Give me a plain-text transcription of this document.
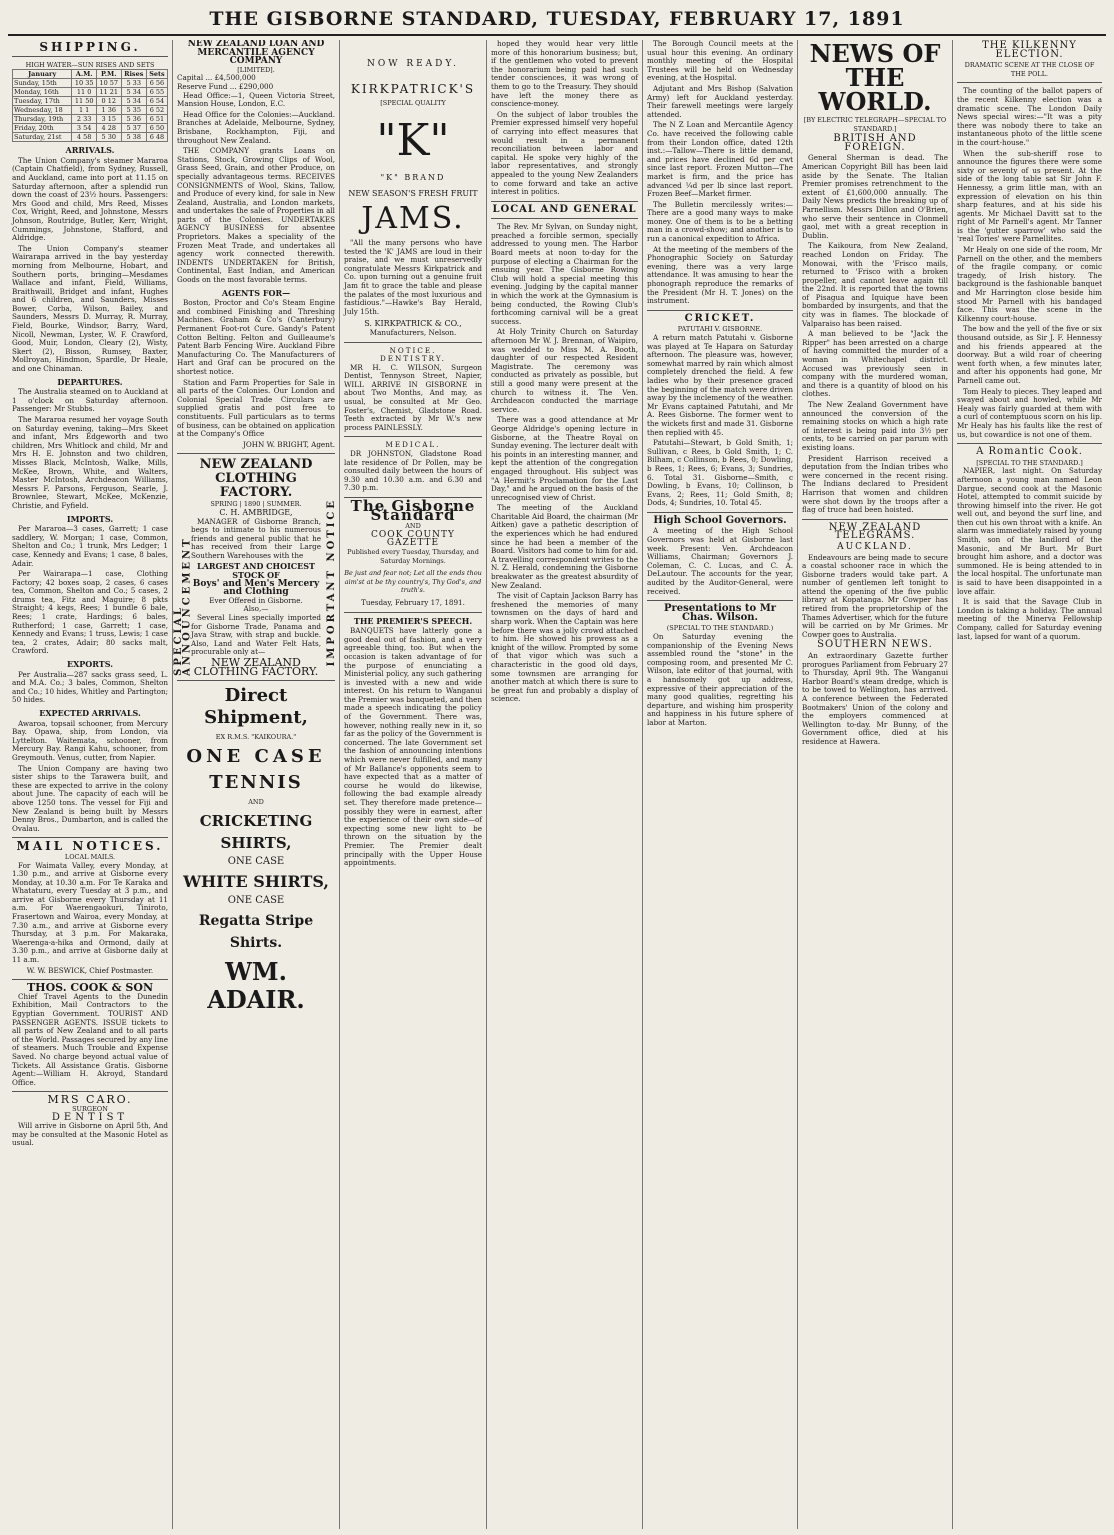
THE GISBORNE STANDARD, TUESDAY, FEBRUARY 17, 1891
SHIPPING.
HIGH WATER—SUN RISES AND SETS
January	A.M.	P.M.	Rises	Sets
Sunday, 15th	10 35	10 57	5 33	6 56
Monday, 16th	11 0	11 21	5 34	6 55
Tuesday, 17th	11 50	0 12	5 34	6 54
Wednesday, 18	1 1	1 36	5 35	6 52
Thursday, 19th	2 33	3 15	5 36	6 51
Friday, 20th	3 54	4 28	5 37	6 50
Saturday, 21st	4 58	5 30	5 38	6 48
ARRIVALS.

The Union Company's steamer Mararoa (Captain Chatfield), from Sydney, Russell, and Auckland, came into port at 11.15 on Saturday afternoon, after a splendid run down the coast of 23½ hours. Passengers: Mrs Good and child, Mrs Reed, Misses Cox, Wright, Reed, and Johnstone, Messrs Johnson, Routridge, Butler, Kerr, Wright, Cummings, Johnstone, Stafford, and Aldridge.

The Union Company's steamer Wairarapa arrived in the bay yesterday morning from Melbourne, Hobart, and Southern ports, bringing—Mesdames Wallace and infant, Field, Williams, Braithwaill, Bridget and infant, Hughes and 6 children, and Saunders, Misses Bower, Corba, Wilson, Bailey, and Saunders, Messrs D. Murray, R. Murray, Field, Bourke, Windsor, Barry, Ward, Nicoll, Newman, Lyster, W. F. Crawford, Good, Muir, London, Cleary (2), Wisty, Skert (2), Bisson, Rumsey, Baxter, Mollroyan, Hindmon, Spardle, Dr Heale, and one Chinaman.

DEPARTURES.

The Australia steamed on to Auckland at 1 o'clock on Saturday afternoon. Passenger: Mr Stubbs.

The Mararoa resumed her voyage South on Saturday evening, taking—Mrs Skeet and infant, Mrs Edgeworth and two children, Mrs Whitlock and child, Mr and Mrs H. E. Johnston and two children, Misses Black, McIntosh, Walke, Mills, McKee, Brown, White, and Walters, Master McIntosh, Archdeacon Williams, Messrs F. Parsons, Ferguson, Searle, J. Brownlee, Stewart, McKee, McKenzie, Christie, and Fyfield.

IMPORTS.

Per Mararoa—3 cases, Garrett; 1 case saddlery, W. Morgan; 1 case, Common, Shelton and Co.; 1 trunk, Mrs Ledger; 1 case, Kennedy and Evans; 1 case, 8 bales, Adair.

Per Wairarapa—1 case, Clothing Factory; 42 boxes soap, 2 cases, 6 cases tea, Common, Shelton and Co.; 5 cases, 2 drums tea, Fitz and Maguire; 8 pkts Straight; 4 kegs, Rees; 1 bundle 6 bale, Rees; 1 crate, Hardings; 6 bales, Rutherford; 1 case, Garrett; 1 case, Kennedy and Evans; 1 truss, Lewis; 1 case tea, 2 crates, Adair; 80 sacks malt, Crawford.

EXPORTS.

Per Australia—287 sacks grass seed, L. and M.A. Co.; 3 bales, Common, Shelton and Co.; 10 hides, Whitley and Partington; 50 hides.

EXPECTED ARRIVALS.

Awaroa, topsail schooner, from Mercury Bay. Opawa, ship, from London, via Lyttelton. Waitemata, schooner, from Mercury Bay. Rangi Kahu, schooner, from Greymouth. Venus, cutter, from Napier.

The Union Company are having two sister ships to the Tarawera built, and these are expected to arrive in the colony about June. The capacity of each will be above 1250 tons. The vessel for Fiji and New Zealand is being built by Messrs Denny Bros., Dumbarton, and is called the Ovalau.

MAIL NOTICES.
LOCAL MAILS.

For Waimata Valley, every Monday, at 1.30 p.m., and arrive at Gisborne every Monday, at 10.30 a.m. For Te Karaka and Whataturu, every Tuesday at 3 p.m., and arrive at Gisborne every Thursday at 11 a.m. For Waerengaokuri, Tiniroto, Frasertown and Wairoa, every Monday, at 7.30 a.m., and arrive at Gisborne every Thursday, at 3 p.m. For Makaraka, Waerenga-a-hika and Ormond, daily at 3.30 p.m., and arrive at Gisborne daily at 11 a.m.

W. W. BESWICK, Chief Postmaster.
THOS. COOK & SON

Chief Travel Agents to the Dunedin Exhibition, Mail Contractors to the Egyptian Government. TOURIST AND PASSENGER AGENTS. ISSUE tickets to all parts of New Zealand and to all parts of the World. Passages secured by any line of steamers. Much Trouble and Expense Saved. No charge beyond actual value of Tickets. All Assistance Gratis. Gisborne Agent:—William H. Akroyd, Standard Office.

MRS CARO.
SURGEON
DENTIST

Will arrive in Gisborne on April 5th, And may be consulted at the Masonic Hotel as usual.

NEW ZEALAND LOAN AND MERCANTILE AGENCY COMPANY
[LIMITED].
Capital ... £4,500,000
Reserve Fund ... £290,000

Head Office:—1, Queen Victoria Street, Mansion House, London, E.C.

Head Office for the Colonies:—Auckland. Branches at Adelaide, Melbourne, Sydney, Brisbane, Rockhampton, Fiji, and throughout New Zealand.

THE COMPANY grants Loans on Stations, Stock, Growing Clips of Wool, Grass Seed, Grain, and other Produce, on specially advantageous terms. RECEIVES CONSIGNMENTS of Wool, Skins, Tallow, and Produce of every kind, for sale in New Zealand, Australia, and London markets, and undertakes the sale of Properties in all parts of the Colonies. UNDERTAKES AGENCY BUSINESS for absentee Proprietors. Makes a speciality of the Frozen Meat Trade, and undertakes all agency work connected therewith. INDENTS UNDERTAKEN for British, Continental, East Indian, and American Goods on the most favorable terms.

AGENTS FOR—

Boston, Proctor and Co's Steam Engine and combined Finishing and Threshing Machines. Graham & Co's (Canterbury) Permanent Foot-rot Cure. Gandy's Patent Cotton Belting. Felton and Guilleaume's Patent Barb Fencing Wire. Auckland Fibre Manufacturing Co. The Manufacturers of Hart and Graf can be procured on the shortest notice.

Station and Farm Properties for Sale in all parts of the Colonies. Our London and Colonial Special Trade Circulars are supplied gratis and post free to constituents. Full particulars as to terms of business, can be obtained on application at the Company's Office

JOHN W. BRIGHT, Agent.
SPECIAL ANNOUNCEMENT	IMPORTANT NOTICE
NEW ZEALAND CLOTHING FACTORY.
SPRING | 1890 | SUMMER.
C. H. AMBRIDGE,

MANAGER of Gisborne Branch, begs to intimate to his numerous friends and general public that he has received from their Large Southern Warehouses with the

LARGEST AND CHOICEST STOCK OF
Boys' and Men's Mercery and Clothing
Ever Offered in Gisborne.
Also,—

Several Lines specially imported for Gisborne Trade, Panama and Java Straw, with strap and buckle. Also, Land and Water Felt Hats, procurable only at—

NEW ZEALAND CLOTHING FACTORY.
Direct Shipment,
EX R.M.S. "KAIKOURA."
ONE CASE
TENNIS
AND
CRICKETING SHIRTS,
ONE CASE
WHITE SHIRTS,
ONE CASE
Regatta Stripe Shirts.
WM. ADAIR.
NOW READY.
KIRKPATRICK'S
[SPECIAL QUALITY
"K"
"K" BRAND
NEW SEASON'S FRESH FRUIT
JAMS.

"All the many persons who have tested the 'K' JAMS are loud in their praise, and we must unreservedly congratulate Messrs Kirkpatrick and Co. upon turning out a genuine fruit Jam fit to grace the table and please the palates of the most luxurious and fastidious."—Hawke's Bay Herald, July 15th.

S. KIRKPATRICK & CO.,
Manufacturers, Nelson.
NOTICE.
DENTISTRY.

MR H. C. WILSON, Surgeon Dentist, Tennyson Street, Napier, WILL ARRIVE IN GISBORNE in about Two Months, And may, as usual, be consulted at Mr Geo. Foster's, Chemist, Gladstone Road. Teeth extracted by Mr W.'s new process PAINLESSLY.

MEDICAL.

DR JOHNSTON, Gladstone Road late residence of Dr Pollen, may be consulted daily between the hours of 9.30 and 10.30 a.m. and 6.30 and 7.30 p.m.

The Gisborne Standard
AND
COOK COUNTY GAZETTE
Published every Tuesday, Thursday, and Saturday Mornings.
Be just and fear not; Let all the ends thou aim'st at be thy country's, Thy God's, and truth's.
Tuesday, February 17, 1891.
THE PREMIER'S SPEECH.

BANQUETS have latterly gone a good deal out of fashion, and a very agreeable thing, too. But when the occasion is taken advantage of for the purpose of enunciating a Ministerial policy, any such gathering is invested with a new and wide interest. On his return to Wanganui the Premier was banqueted, and then made a speech indicating the policy of the Government. There was, however, nothing really new in it, so far as the policy of the Government is concerned. The late Government set the fashion of announcing intentions which were never fulfilled, and many of Mr Ballance's opponents seem to have expected that as a matter of course he would do likewise, following the bad example already set. They therefore made pretence—possibly they were in earnest, after the experience of their own side—of expecting some new light to be thrown on the situation by the Premier. The Premier dealt principally with the Upper House appointments.

hoped they would hear very little more of this honorarium business; but, if the gentlemen who voted to prevent the honorarium being paid had such tender consciences, it was wrong of them to go to the Treasury. They should have left the money there as conscience-money.

On the subject of labor troubles the Premier expressed himself very hopeful of carrying into effect measures that would result in a permanent reconciliation between labor and capital. He spoke very highly of the labor representatives, and strongly appealed to the young New Zealanders to come forward and take an active interest in politics.

LOCAL AND GENERAL

The Rev. Mr Sylvan, on Sunday night, preached a forcible sermon, specially addressed to young men. The Harbor Board meets at noon to-day for the purpose of electing a Chairman for the ensuing year. The Gisborne Rowing Club will hold a special meeting this evening. Judging by the capital manner in which the work at the Gymnasium is being conducted, the Rowing Club's forthcoming carnival will be a great success.

At Holy Trinity Church on Saturday afternoon Mr W. J. Brennan, of Waipiro, was wedded to Miss M. A. Booth, daughter of our respected Resident Magistrate. The ceremony was conducted as privately as possible, but still a good many were present at the church to witness it. The Ven. Archdeacon conducted the marriage service.

There was a good attendance at Mr George Aldridge's opening lecture in Gisborne, at the Theatre Royal on Sunday evening. The lecturer dealt with his points in an interesting manner, and kept the attention of the congregation engaged throughout. His subject was "A Hermit's Proclamation for the Last Day," and he argued on the basis of the unrecognised view of Christ.

The meeting of the Auckland Charitable Aid Board, the chairman (Mr Aitken) gave a pathetic description of the experiences which he had endured since he had been a member of the Board. Visitors had come to him for aid. A travelling correspondent writes to the N. Z. Herald, condemning the Gisborne breakwater as the greatest absurdity of New Zealand.

The visit of Captain Jackson Barry has freshened the memories of many townsmen on the days of hard and sharp work. When the Captain was here before there was a jolly crowd attached to him. He showed his prowess as a knight of the willow. Prompted by some of that vigor which was such a characteristic in the good old days, some townsmen are arranging for another match at which there is sure to be great fun and probably a display of science.

The Borough Council meets at the usual hour this evening. An ordinary monthly meeting of the Hospital Trustees will be held on Wednesday evening, at the Hospital.

Adjutant and Mrs Bishop (Salvation Army) left for Auckland yesterday. Their farewell meetings were largely attended.

The N Z Loan and Mercantile Agency Co. have received the following cable from their London office, dated 12th inst.:—Tallow—There is little demand, and prices have declined 6d per cwt since last report. Frozen Mutton—The market is firm, and the price has advanced ¼d per lb since last report. Frozen Beef—Market firmer.

The Bulletin mercilessly writes:—There are a good many ways to make money. One of them is to be a betting man in a crowd-show; and another is to run a canonical expedition to Africa.

At the meeting of the members of the Phonographic Society on Saturday evening, there was a very large attendance. It was amusing to hear the phonograph reproduce the remarks of the President (Mr H. T. Jones) on the instrument.

CRICKET.
PATUTAHI V. GISBORNE.

A return match Patutahi v. Gisborne was played at Te Hapara on Saturday afternoon. The pleasure was, however, somewhat marred by rain which almost completely drenched the field. A few ladies who by their presence graced the beginning of the match were driven away by the inclemency of the weather. Mr Evans captained Patutahi, and Mr A. Rees Gisborne. The former went to the wickets first and made 31. Gisborne then replied with 45.

Patutahi—Stewart, b Gold Smith, 1; Sullivan, c Rees, b Gold Smith, 1; C. Bilham, c Collinson, b Rees, 0; Dowling, b Rees, 1; Rees, 6; Evans, 3; Sundries, 6. Total 31. Gisborne—Smith, c Dowling, b Evans, 10; Collinson, b Evans, 2; Rees, 11; Gold Smith, 8; Dods, 4; Sundries, 10. Total 45.

High School Governors.

A meeting of the High School Governors was held at Gisborne last week. Present: Ven. Archdeacon Williams, Chairman; Governors J. Coleman, C. C. Lucas, and C. A. DeLautour. The accounts for the year, audited by the Auditor-General, were received.

Presentations to Mr Chas. Wilson.
(SPECIAL TO THE STANDARD.)

On Saturday evening the companionship of the Evening News assembled round the "stone" in the composing room, and presented Mr C. Wilson, late editor of that journal, with a handsomely got up address, expressive of their appreciation of the many good qualities, regretting his departure, and wishing him prosperity and happiness in his future sphere of labor at Marton.

NEWS OF THE WORLD.
[BY ELECTRIC TELEGRAPH—SPECIAL TO STANDARD.]
BRITISH AND FOREIGN.

General Sherman is dead. The American Copyright Bill has been laid aside by the Senate. The Italian Premier promises retrenchment to the extent of £1,600,000 annually. The Daily News predicts the breaking up of Parnellism. Messrs Dillon and O'Brien, who serve their sentence in Clonmell gaol, met with a great reception in Dublin.

The Kaikoura, from New Zealand, reached London on Friday. The Monowai, with the 'Frisco mails, returned to 'Frisco with a broken propeller, and cannot leave again till the 22nd. It is reported that the towns of Pisagua and Iquique have been bombarded by insurgents, and that the city was in flames. The blockade of Valparaiso has been raised.

A man believed to be "Jack the Ripper" has been arrested on a charge of having committed the murder of a woman in Whitechapel district. Accused was previously seen in company with the murdered woman, and there is a quantity of blood on his clothes.

The New Zealand Government have announced the conversion of the remaining stocks on which a high rate of interest is being paid into 3½ per cents, to be carried on par parum with existing loans.

President Harrison received a deputation from the Indian tribes who were concerned in the recent rising. The Indians declared to President Harrison that women and children were shot down by the troops after a flag of truce had been hoisted.

NEW ZEALAND TELEGRAMS.
AUCKLAND.

Endeavours are being made to secure a coastal schooner race in which the Gisborne traders would take part. A number of gentlemen left tonight to attend the opening of the five public library at Kopatanga. Mr Cowper has retired from the proprietorship of the Thames Advertiser, which for the future will be carried on by Mr Grimes. Mr Cowper goes to Australia.

SOUTHERN NEWS.

An extraordinary Gazette further prorogues Parliament from February 27 to Thursday, April 9th. The Wanganui Harbor Board's steam dredge, which is to be towed to Wellington, has arrived. A conference between the Federated Bootmakers' Union of the colony and the employers commenced at Wellington to-day. Mr Bunny, of the Government office, died at his residence at Hawera.

THE KILKENNY ELECTION.
DRAMATIC SCENE AT THE CLOSE OF THE POLL.

The counting of the ballot papers of the recent Kilkenny election was a dramatic scene. The London Daily News special wires:—"It was a pity there was nobody there to take an instantaneous photo of the little scene in the court-house."

When the sub-sheriff rose to announce the figures there were some sixty or seventy of us present. At the side of the long table sat Sir John F. Hennessy, a grim little man, with an expression of elevation on his thin sharp features, and at his side his agents. Mr Michael Davitt sat to the right of Mr Parnell's agent. Mr Tanner is the 'gutter sparrow' who said the 'real Tories' were Parnellites.

Mr Healy on one side of the room, Mr Parnell on the other, and the members of the fragile company, or comic tragedy, of Irish history. The background is the fashionable banquet and Mr Harrington close beside him stood Mr Parnell with his bandaged face. This was the scene in the Kilkenny court-house.

The bow and the yell of the five or six thousand outside, as Sir J. F. Hennessy and his friends appeared at the doorway. But a wild roar of cheering went forth when, a few minutes later, and after his opponents had gone, Mr Parnell came out.

Tom Healy to pieces. They leaped and swayed about and howled, while Mr Healy was fairly guarded at them with a curl of contemptuous scorn on his lip. Mr Healy has his faults like the rest of us, but cowardice is not one of them.

A Romantic Cook.
[SPECIAL TO THE STANDARD.]

NAPIER, last night. On Saturday afternoon a young man named Leon Dargue, second cook at the Masonic Hotel, attempted to commit suicide by throwing himself into the river. He got well out, and beyond the surf line, and then cut his own throat with a knife. An alarm was immediately raised by young Smith, son of the landlord of the Masonic, and Mr Burt. Mr Burt brought him ashore, and a doctor was summoned. He is being attended to in the local hospital. The unfortunate man is said to have been disappointed in a love affair.

It is said that the Savage Club in London is taking a holiday. The annual meeting of the Minerva Fellowship Company, called for Saturday evening last, lapsed for want of a quorum.
